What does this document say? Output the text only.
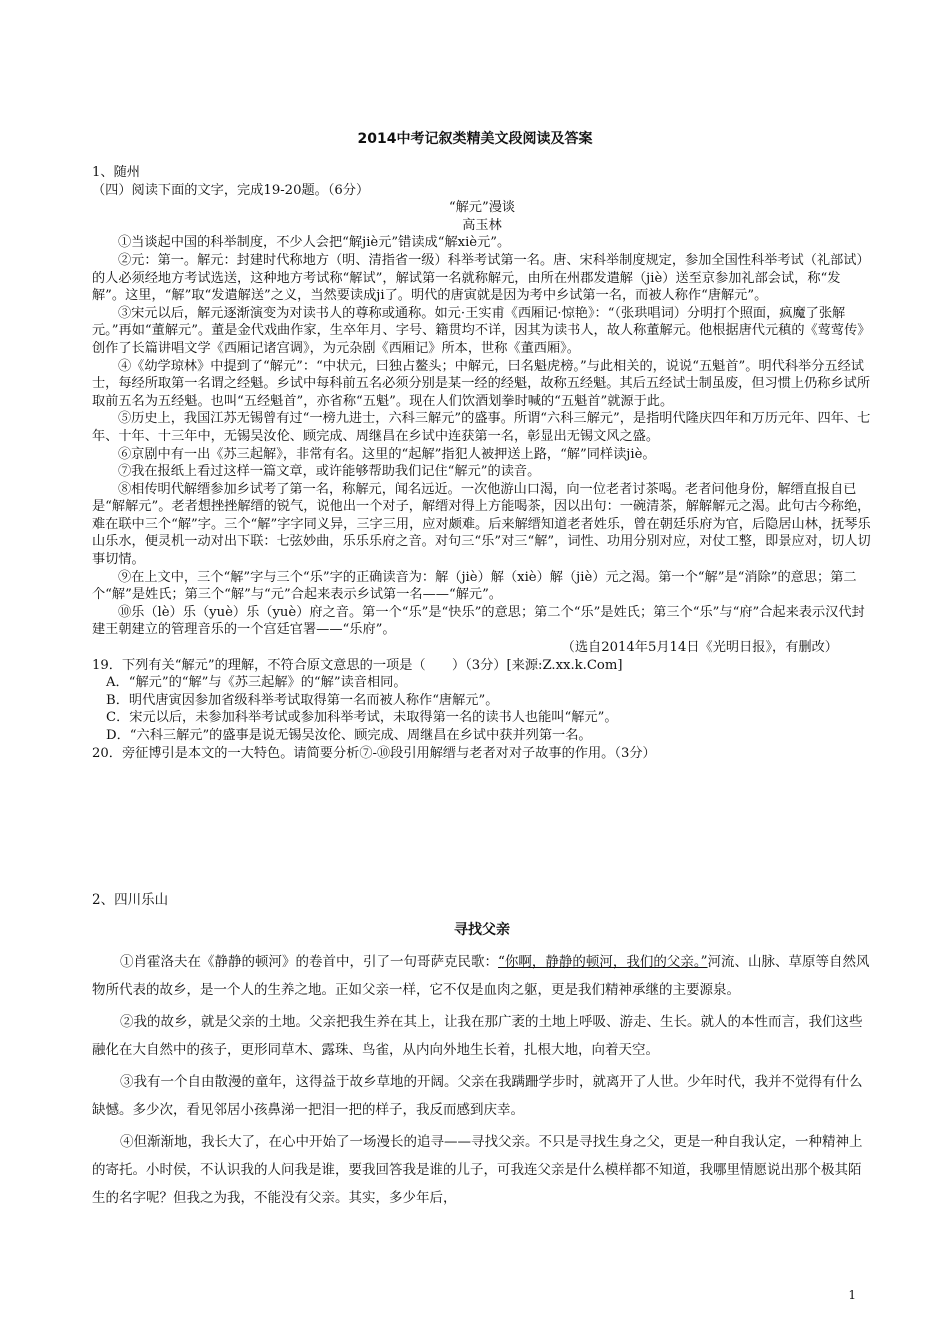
2014中考记叙类精美文段阅读及答案

1、随州

（四）阅读下面的文字，完成19-20题。（6分）

“解元”漫谈

高玉林

①当谈起中国的科举制度，不少人会把“解jiè元”错读成“解xiè元”。

②元：第一。解元：封建时代称地方（明、清指省一级）科举考试第一名。唐、宋科举制度规定，参加全国性科举考试（礼部试）的人必须经地方考试选送，这种地方考试称“解试”，解试第一名就称解元，由所在州郡发遣解（jiè）送至京参加礼部会试，称“发解”。这里，“解”取“发遣解送”之义，当然要读成ji了。明代的唐寅就是因为考中乡试第一名，而被人称作“唐解元”。

③宋元以后，解元逐渐演变为对读书人的尊称或通称。如元·王实甫《西厢记·惊艳》：“（张珙唱词）分明打个照面，疯魔了张解元。”再如“董解元”。董是金代戏曲作家，生卒年月、字号、籍贯均不详，因其为读书人，故人称董解元。他根据唐代元稹的《莺莺传》创作了长篇讲唱文学《西厢记诸宫调》，为元杂剧《西厢记》所本，世称《董西厢》。

④《幼学琼林》中提到了“解元”：“中状元，曰独占鳌头；中解元，曰名魁虎榜。”与此相关的，说说“五魁首”。明代科举分五经试士，每经所取第一名谓之经魁。乡试中每科前五名必须分别是某一经的经魁，故称五经魁。其后五经试士制虽废，但习惯上仍称乡试所取前五名为五经魁。也叫“五经魁首”，亦省称“五魁”。现在人们饮酒划拳时喊的“五魁首”就源于此。

⑤历史上，我国江苏无锡曾有过“一榜九进士，六科三解元”的盛事。所谓“六科三解元”，是指明代隆庆四年和万历元年、四年、七年、十年、十三年中，无锡吴汝伦、顾完成、周继昌在乡试中连获第一名，彰显出无锡文风之盛。

⑥京剧中有一出《苏三起解》，非常有名。这里的“起解”指犯人被押送上路，“解”同样读jiè。

⑦我在报纸上看过这样一篇文章，或许能够帮助我们记住“解元”的读音。

⑧相传明代解缙参加乡试考了第一名，称解元，闻名远近。一次他游山口渴，向一位老者讨茶喝。老者问他身份，解缙直报自已是“解解元”。老者想挫挫解缙的锐气，说他出一个对子，解缙对得上方能喝茶，因以出句：一碗清茶，解解解元之渴。此句古今称绝，难在联中三个“解”字。三个“解”字字同义异，三字三用，应对颇难。后来解缙知道老者姓乐，曾在朝廷乐府为官，后隐居山林，抚琴乐山乐水，便灵机一动对出下联：七弦妙曲，乐乐乐府之音。对句三“乐”对三“解”，词性、功用分别对应，对仗工整，即景应对，切人切事切情。

⑨在上文中，三个“解”字与三个“乐”字的正确读音为：解（jiè）解（xiè）解（jiè）元之渴。第一个“解”是“消除”的意思；第二个“解”是姓氏；第三个“解”与“元”合起来表示乡试第一名——“解元”。

⑩乐（lè）乐（yuè）乐（yuè）府之音。第一个“乐”是“快乐”的意思；第二个“乐”是姓氏；第三个“乐”与“府”合起来表示汉代封建王朝建立的管理音乐的一个宫廷官署——“乐府”。

（选自2014年5月14日《光明日报》，有删改）

19．下列有关“解元”的理解，不符合原文意思的一项是（　　）（3分）[来源:Z.xx.k.Com]

A．“解元”的“解”与《苏三起解》的“解”读音相同。

B．明代唐寅因参加省级科举考试取得第一名而被人称作“唐解元”。

C．宋元以后，未参加科举考试或参加科举考试，未取得第一名的读书人也能叫“解元”。

D．“六科三解元”的盛事是说无锡吴汝伦、顾完成、周继昌在乡试中获并列第一名。

20．旁征博引是本文的一大特色。请简要分析⑦-⑩段引用解缙与老者对对子故事的作用。（3分）

2、四川乐山

寻找父亲

①肖霍洛夫在《静静的顿河》的卷首中，引了一句哥萨克民歌：“你啊，静静的顿河，我们的父亲。”河流、山脉、草原等自然风物所代表的故乡，是一个人的生养之地。正如父亲一样，它不仅是血肉之躯，更是我们精神承继的主要源泉。

②我的故乡，就是父亲的土地。父亲把我生养在其上，让我在那广袤的土地上呼吸、游走、生长。就人的本性而言，我们这些融化在大自然中的孩子，更形同草木、露珠、鸟雀，从内向外地生长着，扎根大地，向着天空。

③我有一个自由散漫的童年，这得益于故乡草地的开阔。父亲在我蹒跚学步时，就离开了人世。少年时代，我并不觉得有什么缺憾。多少次，看见邻居小孩鼻涕一把泪一把的样子，我反而感到庆幸。

④但渐渐地，我长大了，在心中开始了一场漫长的追寻——寻找父亲。不只是寻找生身之父，更是一种自我认定，一种精神上的寄托。小时侯，不认识我的人问我是谁，要我回答我是谁的儿子，可我连父亲是什么模样都不知道，我哪里情愿说出那个极其陌生的名字呢？但我之为我，不能没有父亲。其实，多少年后，

1
